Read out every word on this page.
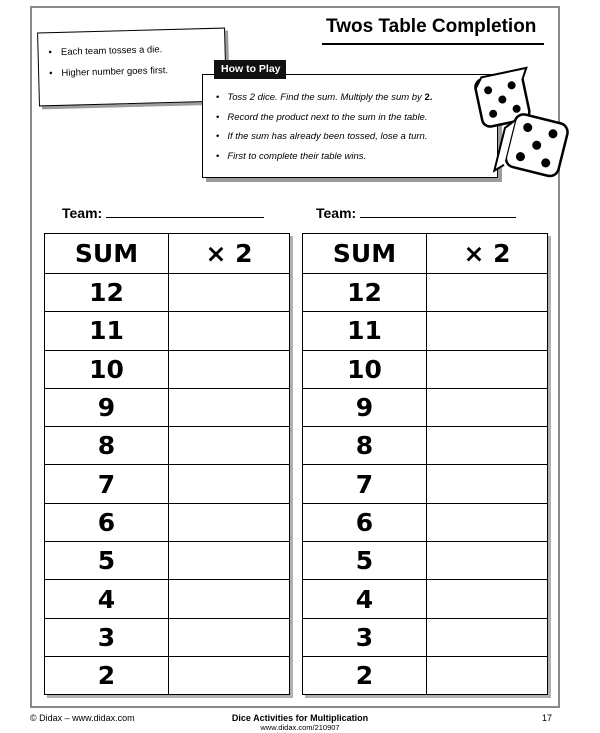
Twos Table Completion
• Each team tosses a die.
• Higher number goes first.
• Toss 2 dice. Find the sum. Multiply the sum by 2.
• Record the product next to the sum in the table.
• If the sum has already been tossed, lose a turn.
• First to complete their table wins.
How to Play
Team:	Team:
SUM	× 2
12	
11	
10	
9	
8	
7	
6	
5	
4	
3	
2	
SUM	× 2
12	
11	
10	
9	
8	
7	
6	
5	
4	
3	
2	
© Didax – www.didax.com	Dice Activities for Multiplication
www.didax.com/210907
17
